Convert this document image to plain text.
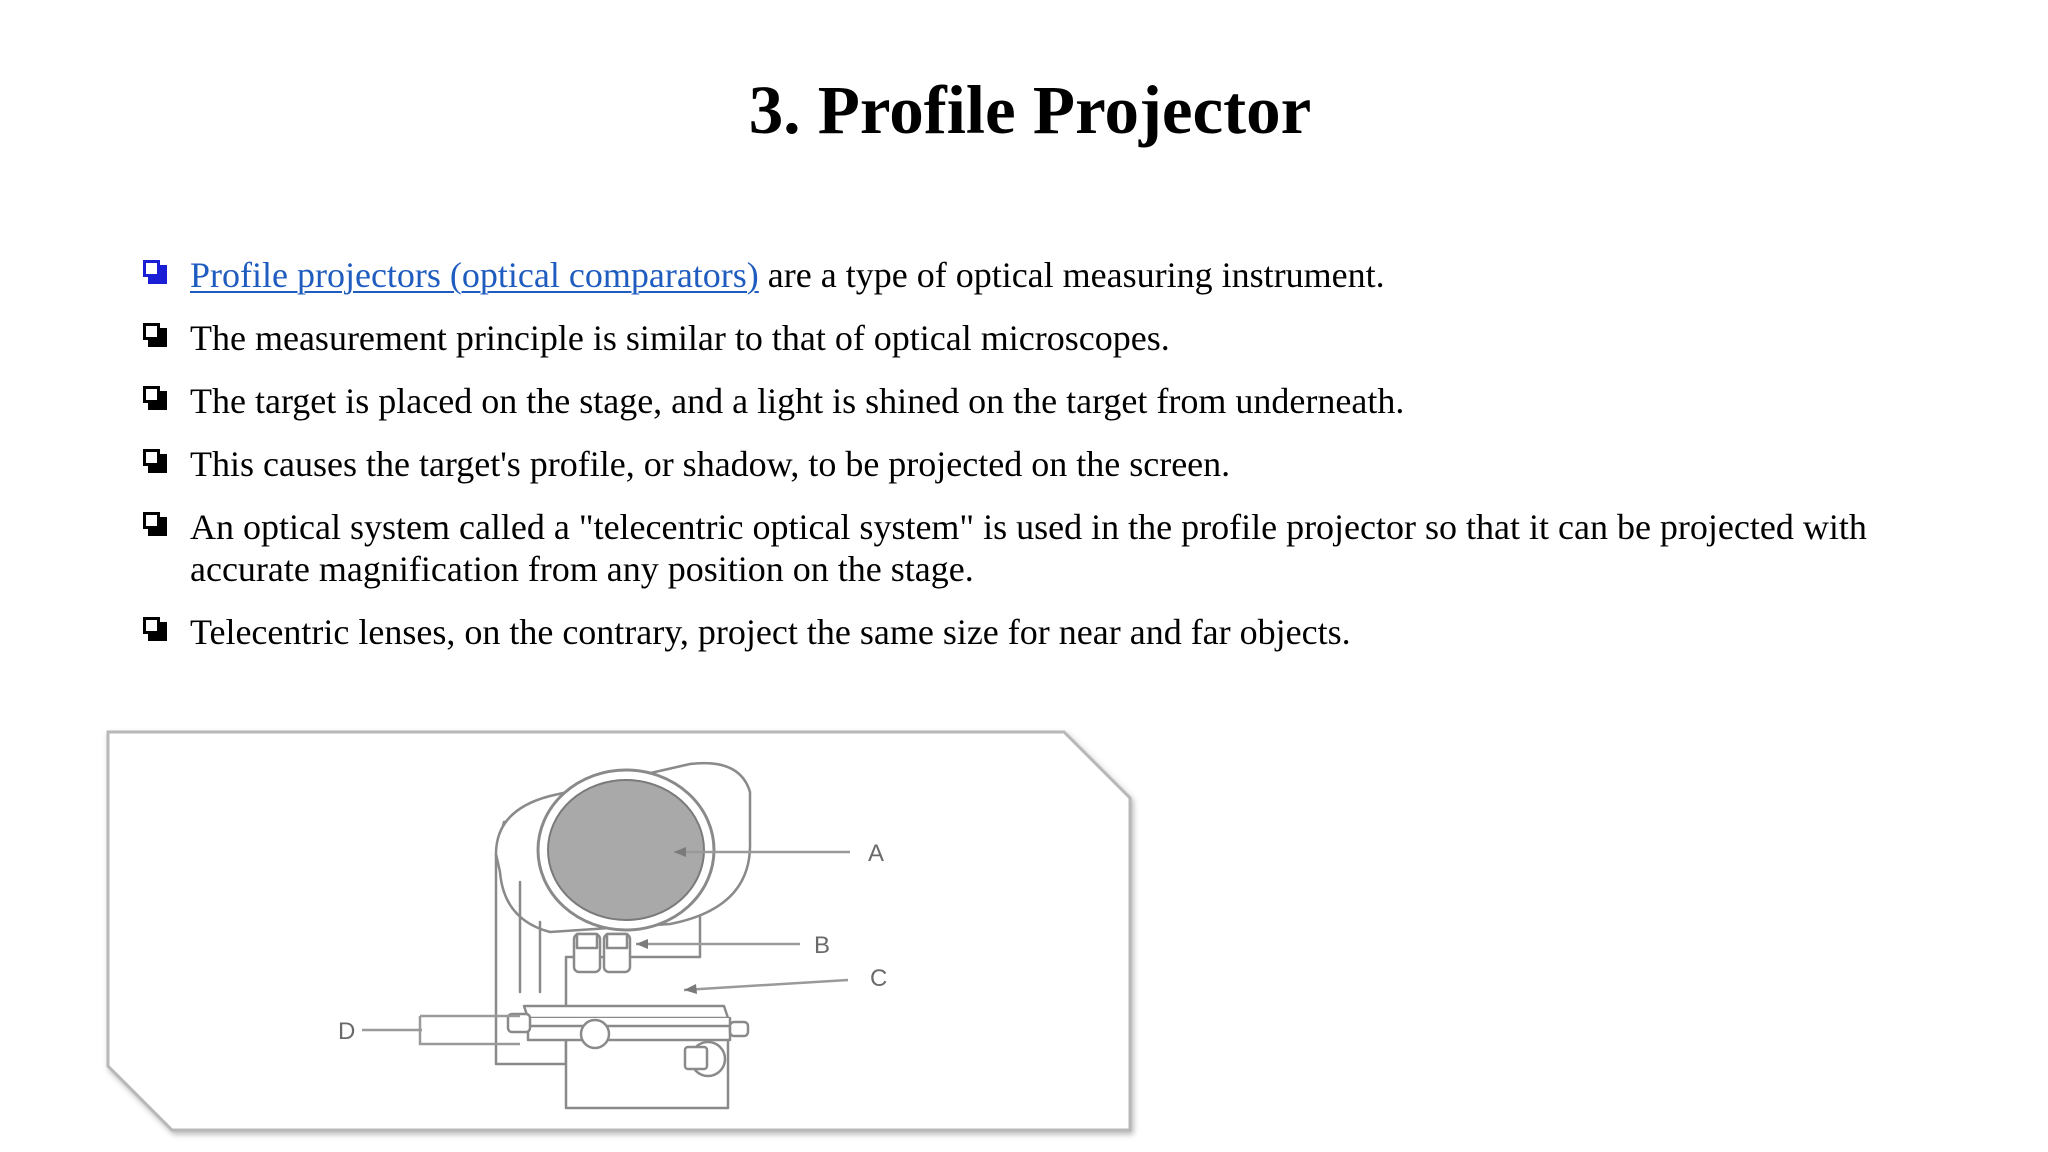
3. Profile Projector
Profile projectors (optical comparators) are a type of optical measuring instrument.
The measurement principle is similar to that of optical microscopes.
The target is placed on the stage, and a light is shined on the target from underneath.
This causes the target's profile, or shadow, to be projected on the screen.
An optical system called a "telecentric optical system" is used in the profile projector so that it can be projected with accurate magnification from any position on the stage.
Telecentric lenses, on the contrary, project the same size for near and far objects.
A
B
C
D
